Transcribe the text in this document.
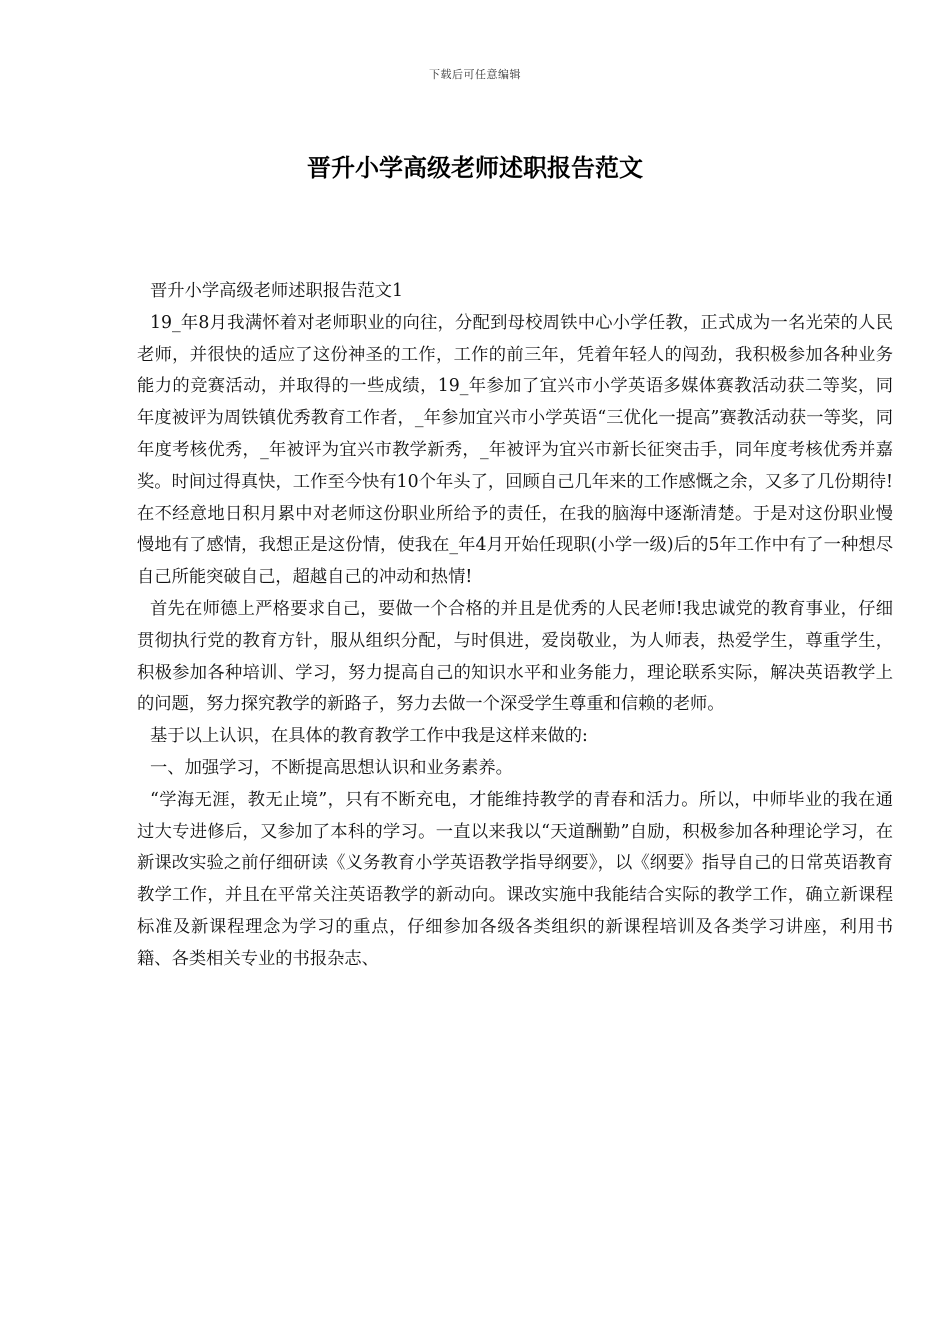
下载后可任意编辑
晋升小学高级老师述职报告范文

晋升小学高级老师述职报告范文1

19_年8月我满怀着对老师职业的向往，分配到母校周铁中心小学任教，正式成为一名光荣的人民老师，并很快的适应了这份神圣的工作，工作的前三年，凭着年轻人的闯劲，我积极参加各种业务能力的竞赛活动，并取得的一些成绩，19_年参加了宜兴市小学英语多媒体赛教活动获二等奖，同年度被评为周铁镇优秀教育工作者，_年参加宜兴市小学英语“三优化一提高”赛教活动获一等奖，同年度考核优秀，_年被评为宜兴市教学新秀，_年被评为宜兴市新长征突击手，同年度考核优秀并嘉奖。时间过得真快，工作至今快有10个年头了，回顾自己几年来的工作感慨之余，又多了几份期待!在不经意地日积月累中对老师这份职业所给予的责任，在我的脑海中逐渐清楚。于是对这份职业慢慢地有了感情，我想正是这份情，使我在_年4月开始任现职(小学一级)后的5年工作中有了一种想尽自己所能突破自己，超越自己的冲动和热情!

首先在师德上严格要求自己，要做一个合格的并且是优秀的人民老师!我忠诚党的教育事业，仔细贯彻执行党的教育方针，服从组织分配，与时俱进，爱岗敬业，为人师表，热爱学生，尊重学生，积极参加各种培训、学习，努力提高自己的知识水平和业务能力，理论联系实际，解决英语教学上的问题，努力探究教学的新路子，努力去做一个深受学生尊重和信赖的老师。

基于以上认识，在具体的教育教学工作中我是这样来做的:

一、加强学习，不断提高思想认识和业务素养。

“学海无涯，教无止境”，只有不断充电，才能维持教学的青春和活力。所以，中师毕业的我在通过大专进修后，又参加了本科的学习。一直以来我以“天道酬勤”自励，积极参加各种理论学习，在新课改实验之前仔细研读《义务教育小学英语教学指导纲要》，以《纲要》指导自己的日常英语教育教学工作，并且在平常关注英语教学的新动向。课改实施中我能结合实际的教学工作，确立新课程标准及新课程理念为学习的重点，仔细参加各级各类组织的新课程培训及各类学习讲座，利用书籍、各类相关专业的书报杂志、
